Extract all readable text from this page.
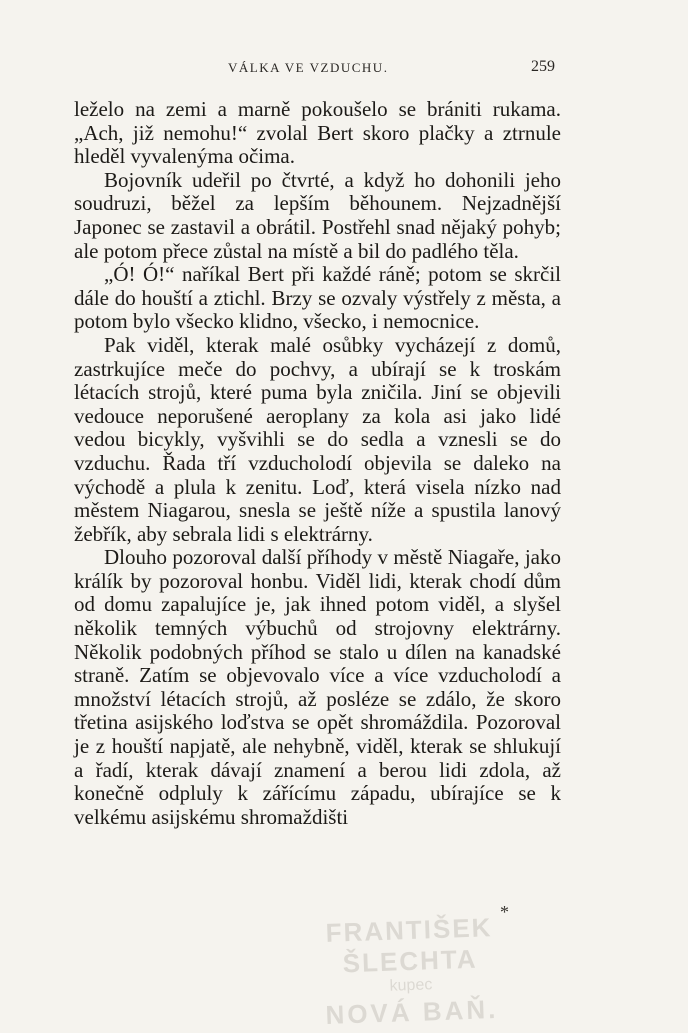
VÁLKA VE VZDUCHU.	259

leželo na zemi a marně pokoušelo se brániti rukama. „Ach, již nemohu!“ zvolal Bert skoro plačky a ztrnule hleděl vyvalenýma očima.

Bojovník udeřil po čtvrté, a když ho dohonili jeho soudruzi, běžel za lepším běhounem. Nejzadnější Japonec se zastavil a obrátil. Postřehl snad nějaký pohyb; ale potom přece zůstal na místě a bil do padlého těla.

„Ó! Ó!“ naříkal Bert při každé ráně; potom se skrčil dále do houští a ztichl. Brzy se ozvaly výstřely z města, a potom bylo všecko klidno, všecko, i nemocnice.

Pak viděl, kterak malé osůbky vycházejí z domů, zastrkujíce meče do pochvy, a ubírají se k troskám létacích strojů, které puma byla zničila. Jiní se objevili vedouce neporušené aeroplany za kola asi jako lidé vedou bicykly, vyšvihli se do sedla a vznesli se do vzduchu. Řada tří vzducholodí objevila se daleko na východě a plula k zenitu. Loď, která visela nízko nad městem Niagarou, snesla se ještě níže a spustila lanový žebřík, aby sebrala lidi s elektrárny.

Dlouho pozoroval další příhody v městě Niagaře, jako králík by pozoroval honbu. Viděl lidi, kterak chodí dům od domu zapalujíce je, jak ihned potom viděl, a slyšel několik temných výbuchů od strojovny elektrárny. Několik podobných příhod se stalo u dílen na kanadské straně. Zatím se objevovalo více a více vzducholodí a množství létacích strojů, až posléze se zdálo, že skoro třetina asijského loďstva se opět shromáždila. Pozoroval je z houští napjatě, ale nehybně, viděl, kterak se shlukují a řadí, kterak dávají znamení a berou lidi zdola, až konečně odpluly k zářícímu západu, ubírajíce se k velkému asijskému shromaždišti

*
FRANTIŠEK ŠLECHTA
kupec
NOVÁ BAŇ.
